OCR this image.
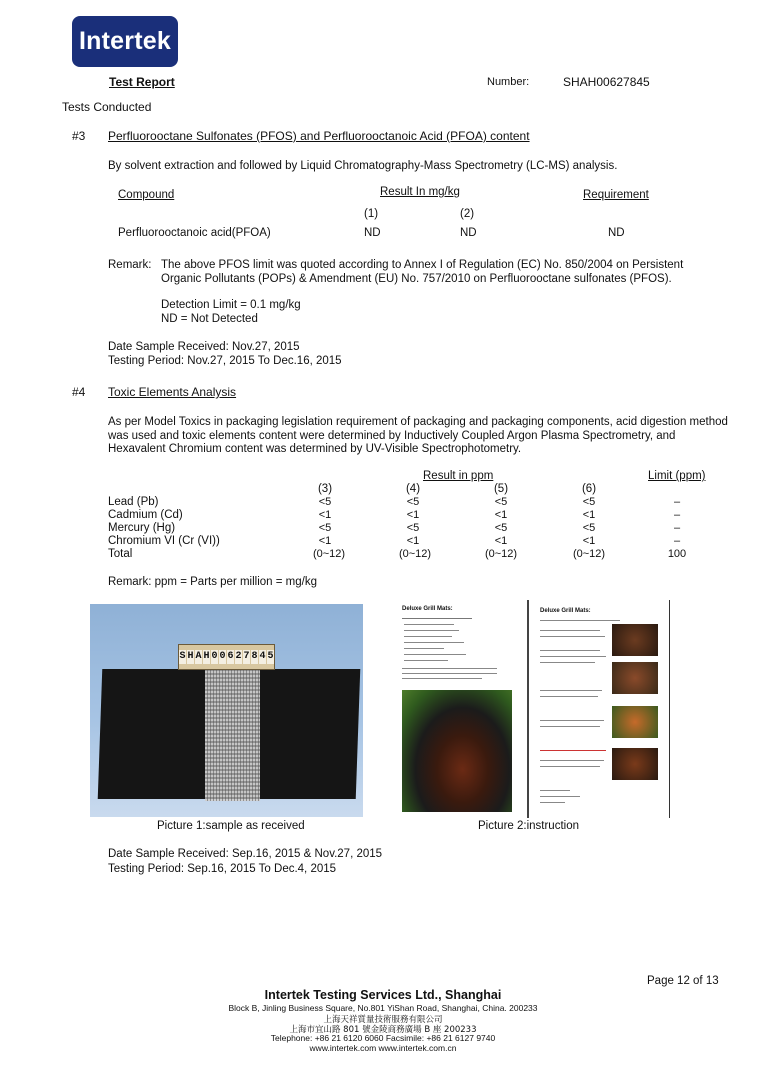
Intertek
Test Report	Number:	SHAH00627845
Tests Conducted
#3 Perfluorooctane Sulfonates (PFOS) and Perfluorooctanoic Acid (PFOA) content
By solvent extraction and followed by Liquid Chromatography-Mass Spectrometry (LC-MS) analysis.
Compound	Result In mg/kg	Requirement
(1)	(2)
Perfluorooctanoic acid(PFOA)	ND	ND	ND
Remark: The above PFOS limit was quoted according to Annex I of Regulation (EC) No. 850/2004 on Persistent
Organic Pollutants (POPs) & Amendment (EU) No. 757/2010 on Perfluorooctane sulfonates (PFOS).
Detection Limit = 0.1 mg/kg
ND = Not Detected
Date Sample Received: Nov.27, 2015
Testing Period: Nov.27, 2015 To Dec.16, 2015
#4 Toxic Elements Analysis
As per Model Toxics in packaging legislation requirement of packaging and packaging components, acid digestion method
was used and toxic elements content were determined by Inductively Coupled Argon Plasma Spectrometry, and
Hexavalent Chromium content was determined by UV-Visible Spectrophotometry.
Result in ppm	Limit (ppm)
(3)	(4)	(5)	(6)
Lead (Pb)	<5	<5	<5	<5	–
Cadmium (Cd)	<1	<1	<1	<1	–
Mercury (Hg)	<5	<5	<5	<5	–
Chromium VI (Cr (VI))	<1	<1	<1	<1	–
Total	(0~12)	(0~12)	(0~12)	(0~12)	100
Remark: ppm = Parts per million = mg/kg
S H A H 0 0 6 2 7 8 4 5
Picture 1:sample as received
Deluxe Grill Mats:	Deluxe Grill Mats:
Picture 2:instruction
Date Sample Received: Sep.16, 2015 & Nov.27, 2015
Testing Period: Sep.16, 2015 To Dec.4, 2015
Page 12 of 13
Intertek Testing Services Ltd., Shanghai
Block B, Jinling Business Square, No.801 YiShan Road, Shanghai, China. 200233
上海天祥質量技術服務有限公司
上海市宜山路 801 號金陵商務廣場 B 座 200233
Telephone: +86 21 6120 6060 Facsimile: +86 21 6127 9740
www.intertek.com www.intertek.com.cn
